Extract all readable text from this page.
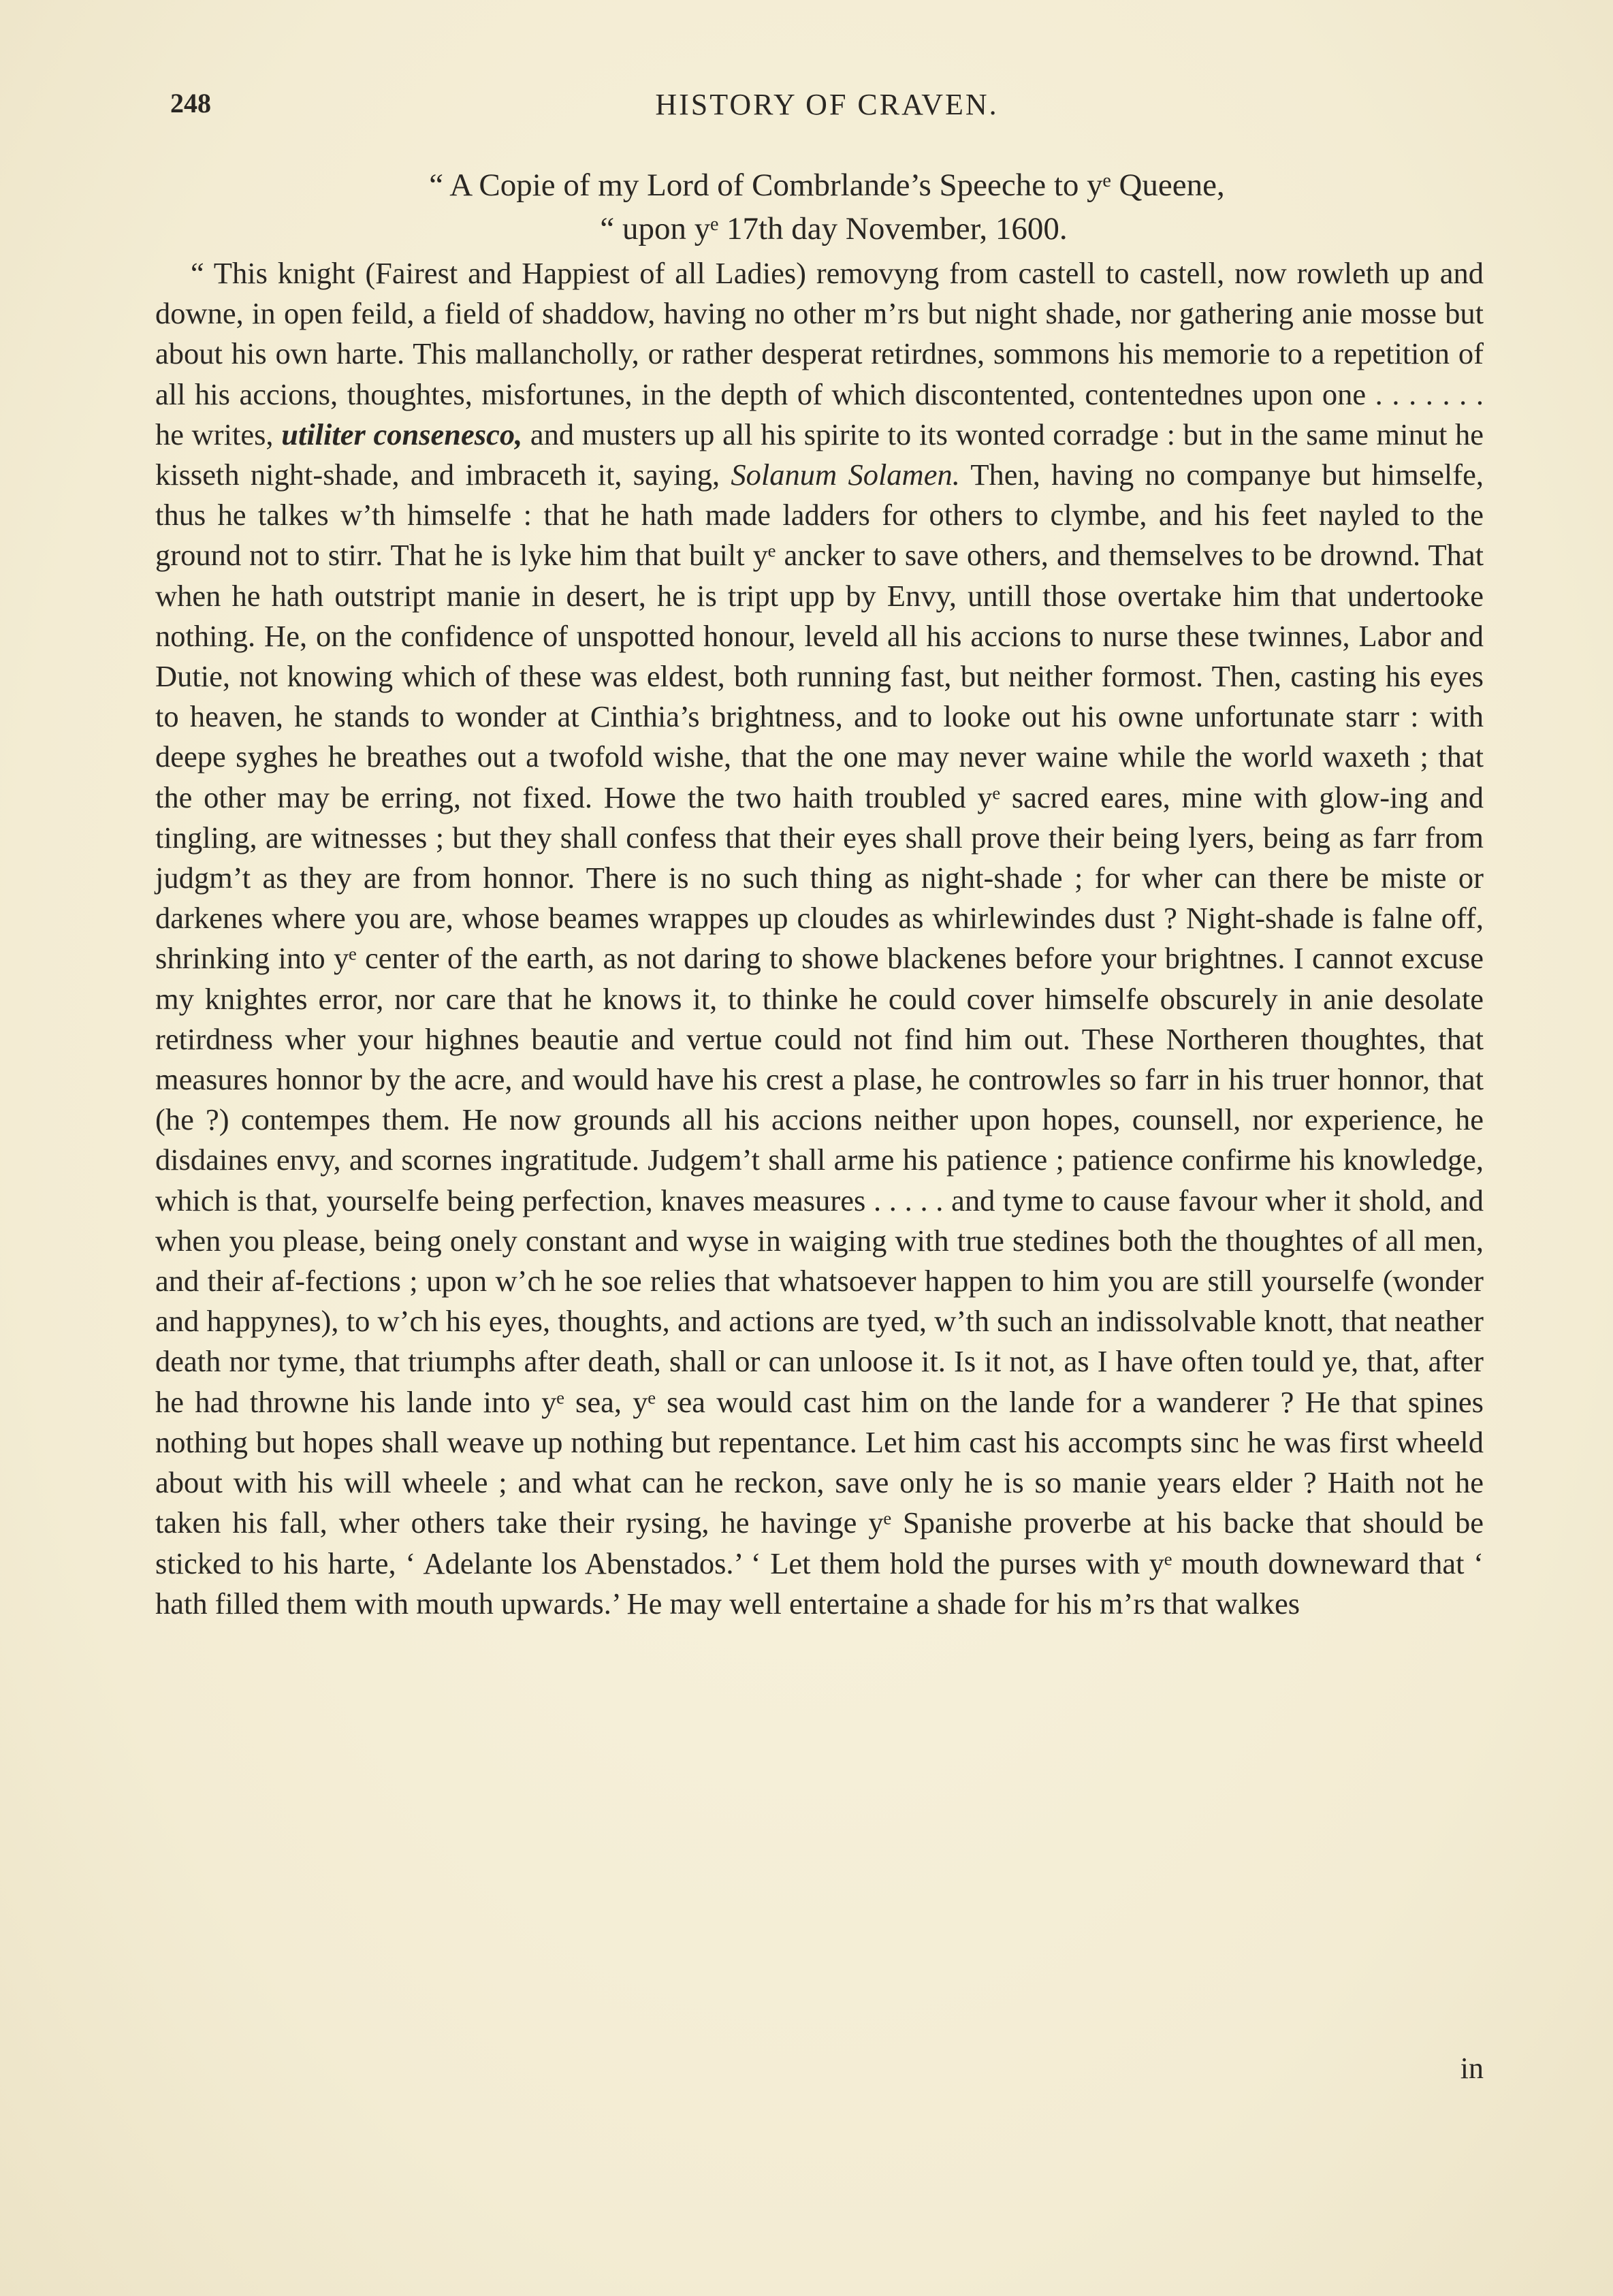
248	HISTORY OF CRAVEN.

“ A Copie of my Lord of Combrlande’s Speeche to yᵉ Queene,

“ upon yᵉ 17th day November, 1600.

“ This knight (Fairest and Happiest of all Ladies) removyng from castell to castell, now rowleth up and downe, in open feild, a field of shaddow, having no other m’rs but night shade, nor gathering anie mosse but about his own harte. This mallancholly, or rather desperat retirdnes, sommons his memorie to a repetition of all his accions, thoughtes, misfortunes, in the depth of which discontented, contentednes upon one . . . . . . . he writes, utiliter consenesco, and musters up all his spirite to its wonted corradge : but in the same minut he kisseth night-shade, and imbraceth it, saying, Solanum Solamen. Then, having no companye but himselfe, thus he talkes w’th himselfe : that he hath made ladders for others to clymbe, and his feet nayled to the ground not to stirr. That he is lyke him that built yᵉ ancker to save others, and themselves to be drownd. That when he hath outstript manie in desert, he is tript upp by Envy, untill those overtake him that undertooke nothing. He, on the confidence of unspotted honour, leveld all his accions to nurse these twinnes, Labor and Dutie, not knowing which of these was eldest, both running fast, but neither formost. Then, casting his eyes to heaven, he stands to wonder at Cinthia’s brightness, and to looke out his owne unfortunate starr : with deepe syghes he breathes out a twofold wishe, that the one may never waine while the world waxeth ; that the other may be erring, not fixed. Howe the two haith troubled yᵉ sacred eares, mine with glow-ing and tingling, are witnesses ; but they shall confess that their eyes shall prove their being lyers, being as farr from judgm’t as they are from honnor. There is no such thing as night-shade ; for wher can there be miste or darkenes where you are, whose beames wrappes up cloudes as whirlewindes dust ? Night-shade is falne off, shrinking into yᵉ center of the earth, as not daring to showe blackenes before your brightnes. I cannot excuse my knightes error, nor care that he knows it, to thinke he could cover himselfe obscurely in anie desolate retirdness wher your highnes beautie and vertue could not find him out. These Northeren thoughtes, that measures honnor by the acre, and would have his crest a plase, he controwles so farr in his truer honnor, that (he ?) contempes them. He now grounds all his accions neither upon hopes, counsell, nor experience, he disdaines envy, and scornes ingratitude. Judgem’t shall arme his patience ; patience confirme his knowledge, which is that, yourselfe being perfection, knaves measures . . . . . and tyme to cause favour wher it shold, and when you please, being onely constant and wyse in waiging with true stedines both the thoughtes of all men, and their af-fections ; upon w’ch he soe relies that whatsoever happen to him you are still yourselfe (wonder and happynes), to w’ch his eyes, thoughts, and actions are tyed, w’th such an indissolvable knott, that neather death nor tyme, that triumphs after death, shall or can unloose it. Is it not, as I have often tould ye, that, after he had throwne his lande into yᵉ sea, yᵉ sea would cast him on the lande for a wanderer ? He that spines nothing but hopes shall weave up nothing but repentance. Let him cast his accompts sinc he was first wheeld about with his will wheele ; and what can he reckon, save only he is so manie years elder ? Haith not he taken his fall, wher others take their rysing, he havinge yᵉ Spanishe proverbe at his backe that should be sticked to his harte, ‘ Adelante los Abenstados.’ ‘ Let them hold the purses with yᵉ mouth downeward that ‘ hath filled them with mouth upwards.’ He may well entertaine a shade for his m’rs that walkes

in
